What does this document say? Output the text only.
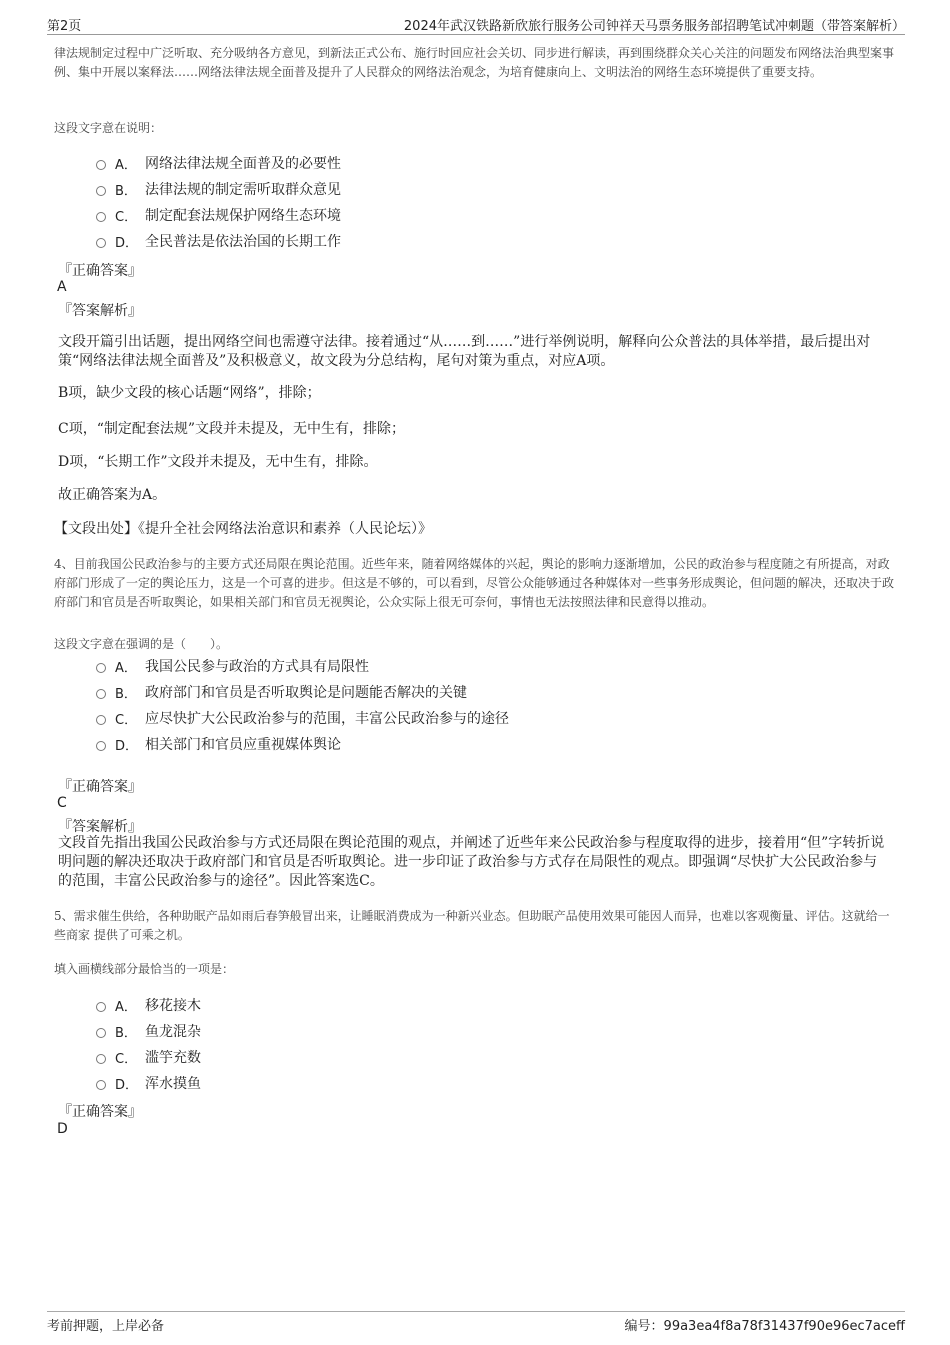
第2页	2024年武汉铁路新欣旅行服务公司钟祥天马票务服务部招聘笔试冲刺题（带答案解析）
律法规制定过程中广泛听取、充分吸纳各方意见，到新法正式公布、施行时回应社会关切、同步进行解读，再到围绕群众关心关注的问题发布网络法治典型案事例、集中开展以案释法……网络法律法规全面普及提升了人民群众的网络法治观念，为培育健康向上、文明法治的网络生态环境提供了重要支持。
这段文字意在说明：
A． 网络法律法规全面普及的必要性
B． 法律法规的制定需听取群众意见
C． 制定配套法规保护网络生态环境
D． 全民普法是依法治国的长期工作
『正确答案』
A
『答案解析』
文段开篇引出话题，提出网络空间也需遵守法律。接着通过“从……到……”进行举例说明，解释向公众普法的具体举措，最后提出对策“网络法律法规全面普及”及积极意义，故文段为分总结构，尾句对策为重点，对应A项。
B项，缺少文段的核心话题“网络”，排除；
C项，“制定配套法规”文段并未提及，无中生有，排除；
D项，“长期工作”文段并未提及，无中生有，排除。
故正确答案为A。
【文段出处】《提升全社会网络法治意识和素养（人民论坛）》
4、目前我国公民政治参与的主要方式还局限在舆论范围。近些年来，随着网络媒体的兴起，舆论的影响力逐渐增加，公民的政治参与程度随之有所提高，对政府部门形成了一定的舆论压力，这是一个可喜的进步。但这是不够的，可以看到，尽管公众能够通过各种媒体对一些事务形成舆论，但问题的解决，还取决于政府部门和官员是否听取舆论，如果相关部门和官员无视舆论，公众实际上很无可奈何，事情也无法按照法律和民意得以推动。
这段文字意在强调的是（　　）。
A． 我国公民参与政治的方式具有局限性
B． 政府部门和官员是否听取舆论是问题能否解决的关键
C． 应尽快扩大公民政治参与的范围，丰富公民政治参与的途径
D． 相关部门和官员应重视媒体舆论
『正确答案』
C
『答案解析』
文段首先指出我国公民政治参与方式还局限在舆论范围的观点，并阐述了近些年来公民政治参与程度取得的进步，接着用“但”字转折说明问题的解决还取决于政府部门和官员是否听取舆论。进一步印证了政治参与方式存在局限性的观点。即强调“尽快扩大公民政治参与的范围，丰富公民政治参与的途径”。因此答案选C。
5、需求催生供给，各种助眠产品如雨后春笋般冒出来，让睡眠消费成为一种新兴业态。但助眠产品使用效果可能因人而异，也难以客观衡量、评估。这就给一些商家 提供了可乘之机。
填入画横线部分最恰当的一项是：
A． 移花接木
B． 鱼龙混杂
C． 滥竽充数
D． 浑水摸鱼
『正确答案』
D
考前押题，上岸必备	编号：99a3ea4f8a78f31437f90e96ec7aceff
